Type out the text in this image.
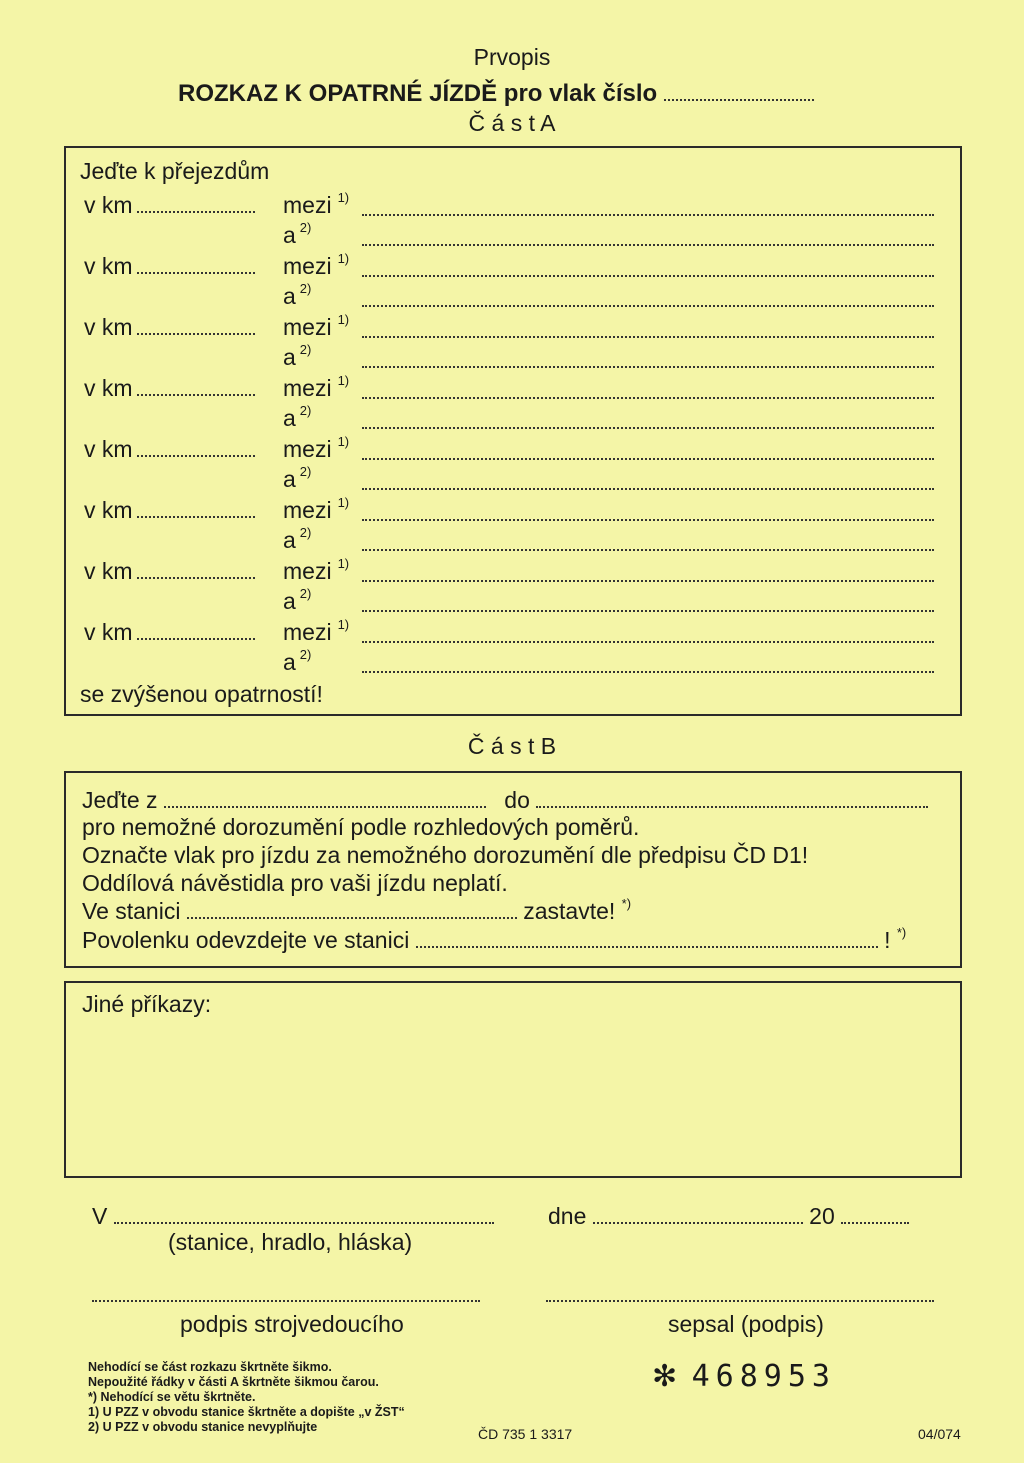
Prvopis
ROZKAZ K OPATRNÉ JÍZDĚ pro vlak číslo
Č á s t A
Jeďte k přejezdům
v km	mezi $^{1)}$
a $^{2)}$
v km	mezi $^{1)}$
a $^{2)}$
v km	mezi $^{1)}$
a $^{2)}$
v km	mezi $^{1)}$
a $^{2)}$
v km	mezi $^{1)}$
a $^{2)}$
v km	mezi $^{1)}$
a $^{2)}$
v km	mezi $^{1)}$
a $^{2)}$
v km	mezi $^{1)}$
a $^{2)}$
se zvýšenou opatrností!
Č á s t B
Jeďte z	do
pro nemožné dorozumění podle rozhledových poměrů.
Označte vlak pro jízdu za nemožného dorozumění dle předpisu ČD D1!
Oddílová návěstidla pro vaši jízdu neplatí.
Ve stanici	zastavte! *)
Povolenku odevzdejte ve stanici	! *)
Jiné příkazy:
V
(stanice, hradlo, hláska)
dne	20
podpis strojvedoucího	sepsal (podpis)
Nehodící se část rozkazu škrtněte šikmo.
Nepoužité řádky v části A škrtněte šikmou čarou.
*) Nehodící se větu škrtněte.
1) U PZZ v obvodu stanice škrtněte a dopište „v ŽST“
2) U PZZ v obvodu stanice nevyplňujte
✻ 468953
ČD 735 1 3317	04/074
